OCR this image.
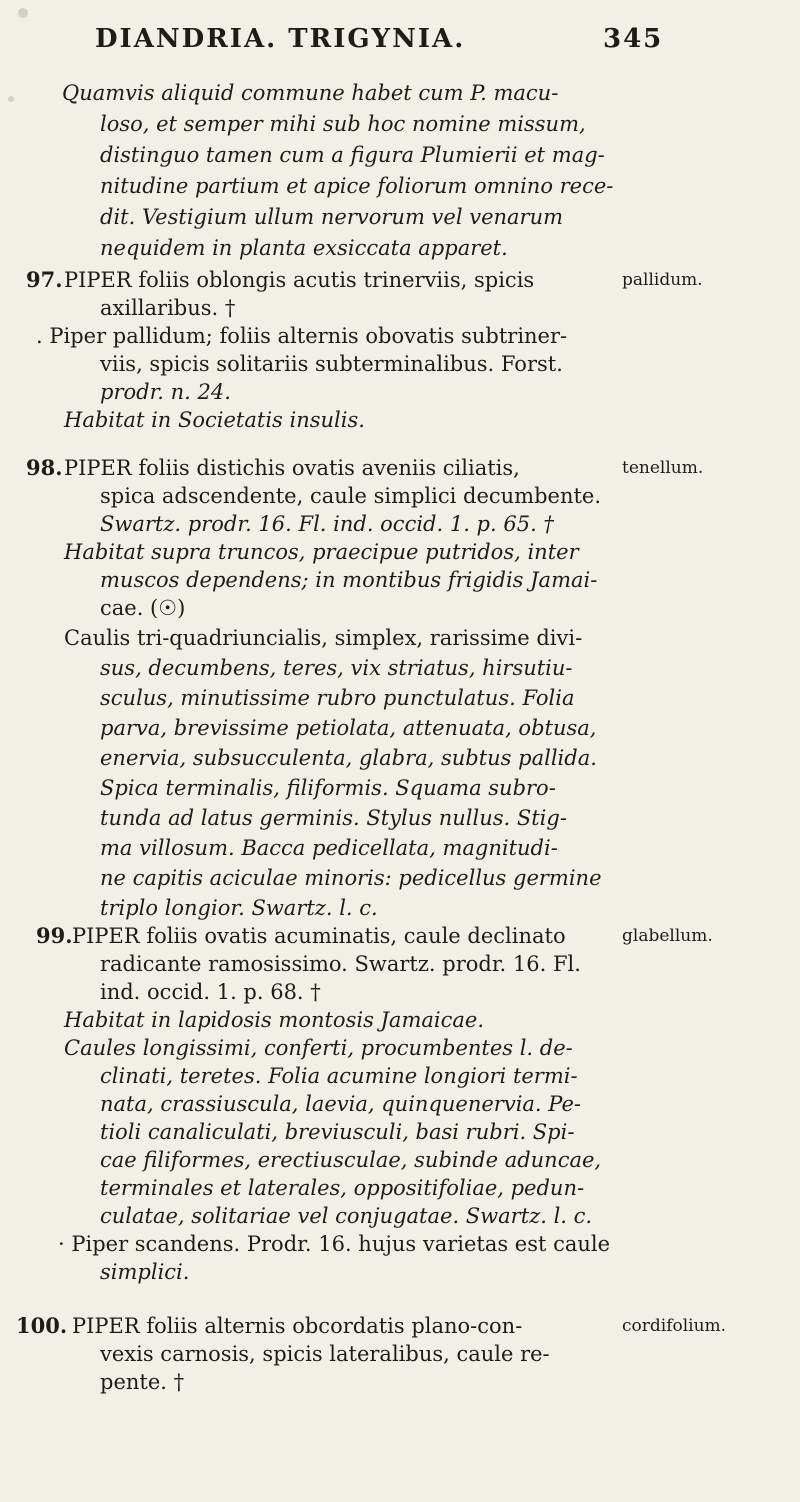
DIANDRIA. TRIGYNIA.	345
Quamvis aliquid commune habet cum P. macu-
loso, et semper mihi sub hoc nomine missum,
distinguo tamen cum a figura Plumierii et mag-
nitudine partium et apice foliorum omnino rece-
dit. Vestigium ullum nervorum vel venarum
nequidem in planta exsiccata apparet.
97.	pallidum.
PIPER foliis oblongis acutis trinerviis, spicis
axillaribus. †
. Piper pallidum; foliis alternis obovatis subtriner-
viis, spicis solitariis subterminalibus. Forst.
prodr. n. 24.
Habitat in Societatis insulis.
98.	tenellum.
PIPER foliis distichis ovatis aveniis ciliatis,
spica adscendente, caule simplici decumbente.
Swartz. prodr. 16. Fl. ind. occid. 1. p. 65. †
Habitat supra truncos, praecipue putridos, inter
muscos dependens; in montibus frigidis Jamai-
cae. (☉)
Caulis tri-quadriuncialis, simplex, rarissime divi-
sus, decumbens, teres, vix striatus, hirsutiu-
sculus, minutissime rubro punctulatus. Folia
parva, brevissime petiolata, attenuata, obtusa,
enervia, subsucculenta, glabra, subtus pallida.
Spica terminalis, filiformis. Squama subro-
tunda ad latus germinis. Stylus nullus. Stig-
ma villosum. Bacca pedicellata, magnitudi-
ne capitis aciculae minoris: pedicellus germine
triplo longior. Swartz. l. c.
99.	glabellum.
PIPER foliis ovatis acuminatis, caule declinato
radicante ramosissimo. Swartz. prodr. 16. Fl.
ind. occid. 1. p. 68. †
Habitat in lapidosis montosis Jamaicae.
Caules longissimi, conferti, procumbentes l. de-
clinati, teretes. Folia acumine longiori termi-
nata, crassiuscula, laevia, quinquenervia. Pe-
tioli canaliculati, breviusculi, basi rubri. Spi-
cae filiformes, erectiusculae, subinde aduncae,
terminales et laterales, oppositifoliae, pedun-
culatae, solitariae vel conjugatae. Swartz. l. c.
· Piper scandens. Prodr. 16. hujus varietas est caule
simplici.
100.	cordifolium.
PIPER foliis alternis obcordatis plano-con-
vexis carnosis, spicis lateralibus, caule re-
pente. †
